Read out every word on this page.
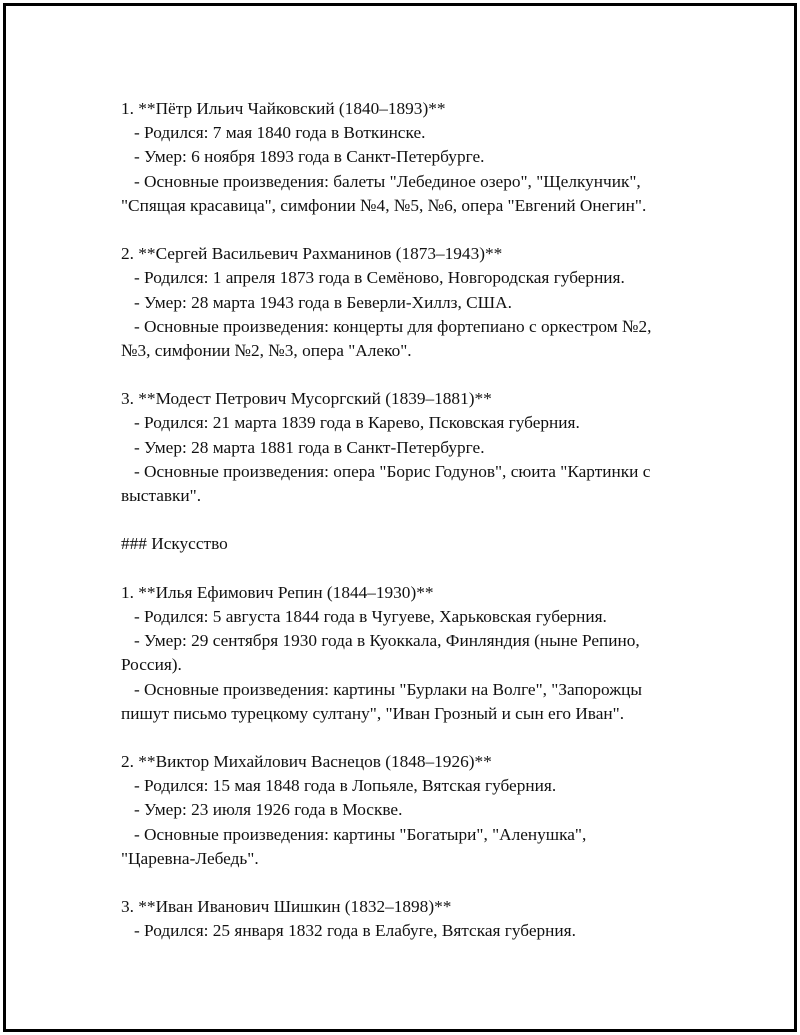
1. **Пётр Ильич Чайковский (1840–1893)**
- Родился: 7 мая 1840 года в Воткинске.
- Умер: 6 ноября 1893 года в Санкт-Петербурге.
- Основные произведения: балеты "Лебединое озеро", "Щелкунчик",
"Спящая красавица", симфонии №4, №5, №6, опера "Евгений Онегин".
2. **Сергей Васильевич Рахманинов (1873–1943)**
- Родился: 1 апреля 1873 года в Семёново, Новгородская губерния.
- Умер: 28 марта 1943 года в Беверли-Хиллз, США.
- Основные произведения: концерты для фортепиано с оркестром №2,
№3, симфонии №2, №3, опера "Алеко".
3. **Модест Петрович Мусоргский (1839–1881)**
- Родился: 21 марта 1839 года в Карево, Псковская губерния.
- Умер: 28 марта 1881 года в Санкт-Петербурге.
- Основные произведения: опера "Борис Годунов", сюита "Картинки с
выставки".
### Искусство
1. **Илья Ефимович Репин (1844–1930)**
- Родился: 5 августа 1844 года в Чугуеве, Харьковская губерния.
- Умер: 29 сентября 1930 года в Куоккала, Финляндия (ныне Репино,
Россия).
- Основные произведения: картины "Бурлаки на Волге", "Запорожцы
пишут письмо турецкому султану", "Иван Грозный и сын его Иван".
2. **Виктор Михайлович Васнецов (1848–1926)**
- Родился: 15 мая 1848 года в Лопьяле, Вятская губерния.
- Умер: 23 июля 1926 года в Москве.
- Основные произведения: картины "Богатыри", "Аленушка",
"Царевна-Лебедь".
3. **Иван Иванович Шишкин (1832–1898)**
- Родился: 25 января 1832 года в Елабуге, Вятская губерния.
